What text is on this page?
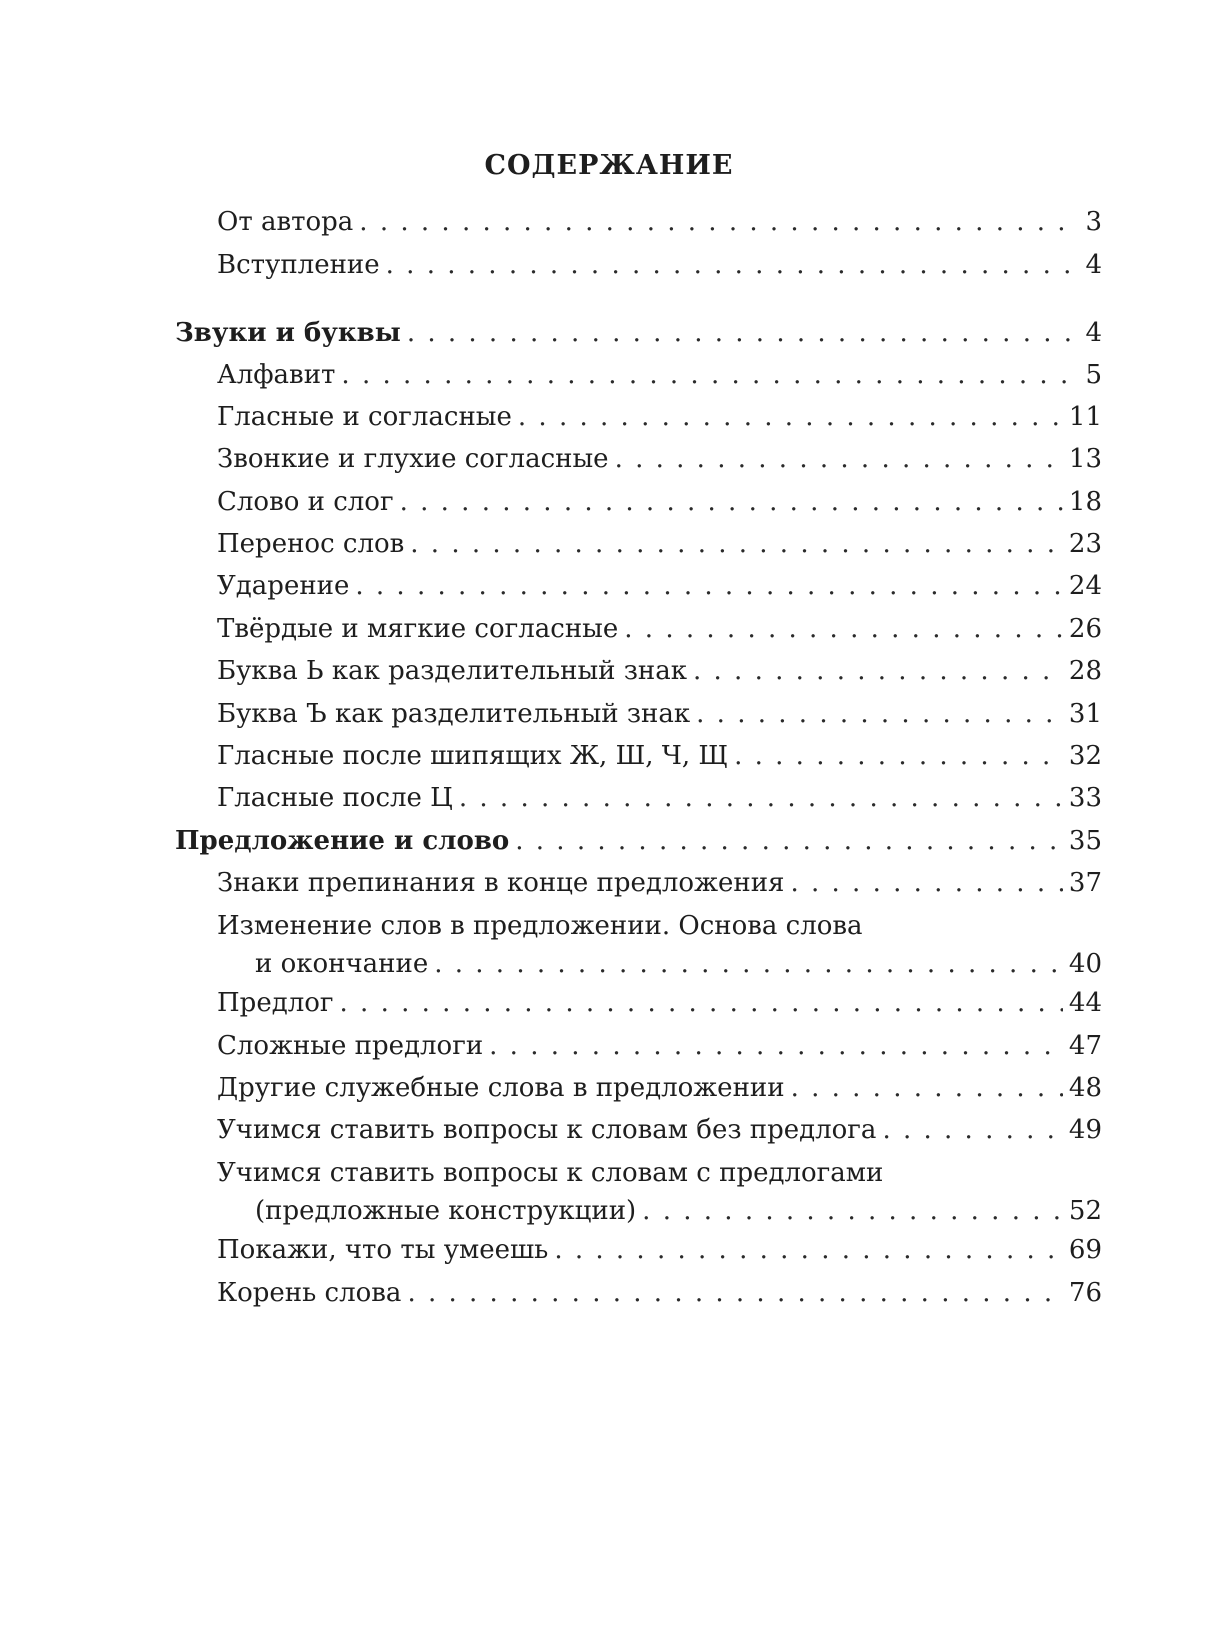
СОДЕРЖАНИЕ
От автора . . .	3
Вступление . . .	4
Звуки и буквы . . .	4
Алфавит . . .	5
Гласные и согласные . . .	11
Звонкие и глухие согласные . . .	13
Слово и слог . . .	18
Перенос слов . . .	23
Ударение . . .	24
Твёрдые и мягкие согласные . . .	26
Буква Ь как разделительный знак . . .	28
Буква Ъ как разделительный знак . . .	31
Гласные после шипящих Ж, Ш, Ч, Щ . . .	32
Гласные после Ц . . .	33
Предложение и слово . . .	35
Знаки препинания в конце предложения . . .	37
Изменение слов в предложении. Основа слова
и окончание . . .	40
Предлог . . .	44
Сложные предлоги . . .	47
Другие служебные слова в предложении . . .	48
Учимся ставить вопросы к словам без предлога . . .	49
Учимся ставить вопросы к словам с предлогами
(предложные конструкции) . . .	52
Покажи, что ты умеешь . . .	69
Корень слова . . .	76
